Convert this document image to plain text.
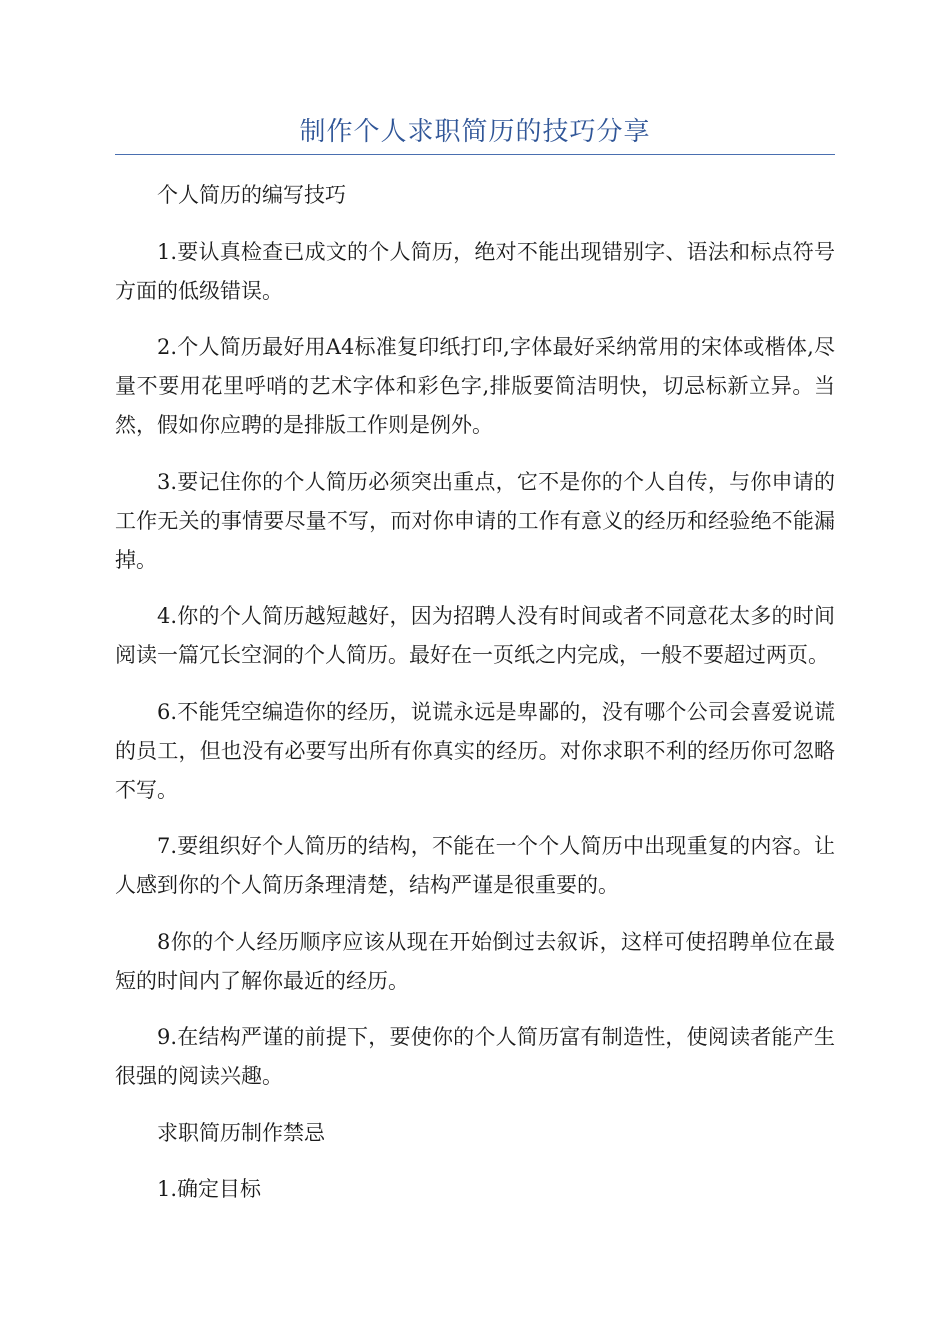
制作个人求职简历的技巧分享

个人简历的编写技巧

1.要认真检查已成文的个人简历，绝对不能出现错别字、语法和标点符号方面的低级错误。

2.个人简历最好用A4标准复印纸打印,字体最好采纳常用的宋体或楷体,尽量不要用花里呼哨的艺术字体和彩色字,排版要简洁明快，切忌标新立异。当然，假如你应聘的是排版工作则是例外。

3.要记住你的个人简历必须突出重点，它不是你的个人自传，与你申请的工作无关的事情要尽量不写，而对你申请的工作有意义的经历和经验绝不能漏掉。

4.你的个人简历越短越好，因为招聘人没有时间或者不同意花太多的时间阅读一篇冗长空洞的个人简历。最好在一页纸之内完成，一般不要超过两页。

6.不能凭空编造你的经历，说谎永远是卑鄙的，没有哪个公司会喜爱说谎的员工，但也没有必要写出所有你真实的经历。对你求职不利的经历你可忽略不写。

7.要组织好个人简历的结构，不能在一个个人简历中出现重复的内容。让人感到你的个人简历条理清楚，结构严谨是很重要的。

8你的个人经历顺序应该从现在开始倒过去叙诉，这样可使招聘单位在最短的时间内了解你最近的经历。

9.在结构严谨的前提下，要使你的个人简历富有制造性，使阅读者能产生很强的阅读兴趣。

求职简历制作禁忌

1.确定目标
